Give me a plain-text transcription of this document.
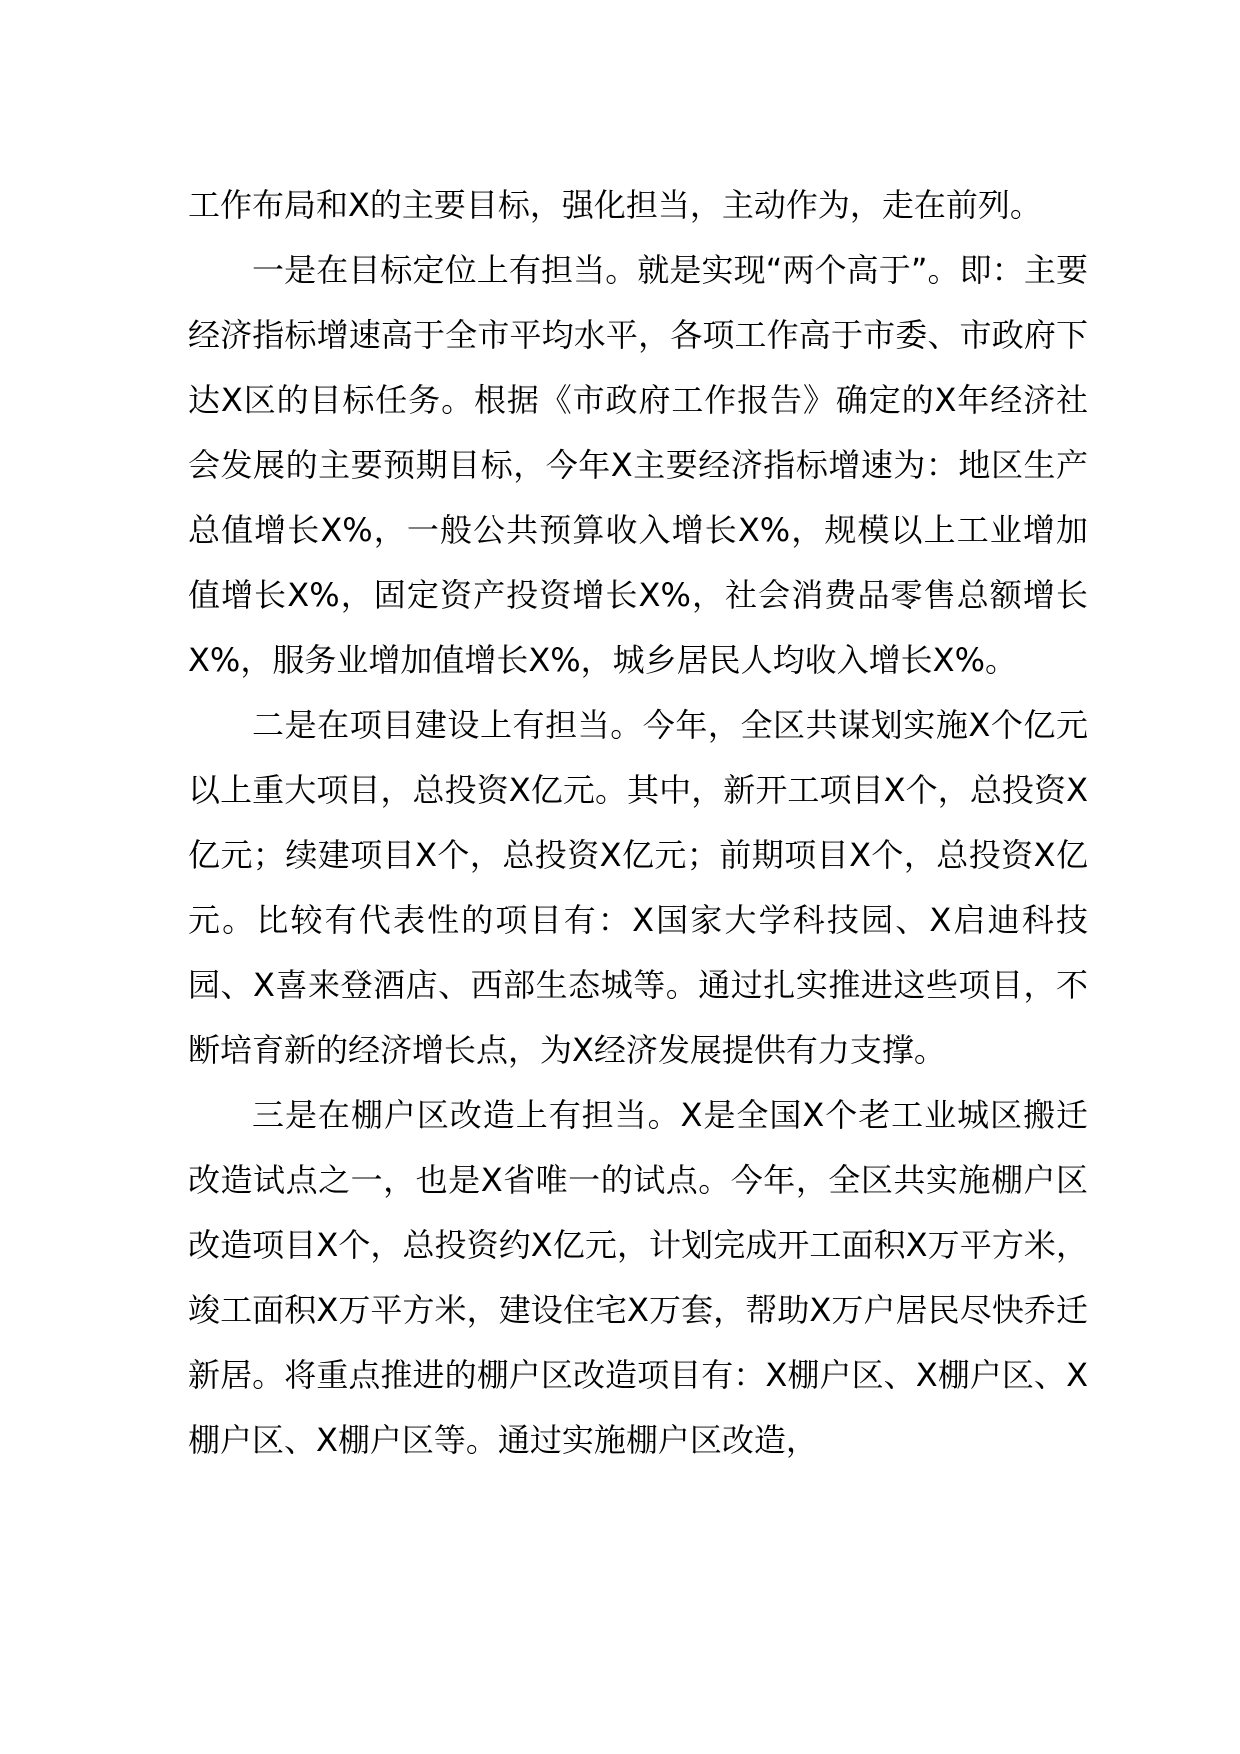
工作布局和X的主要目标，强化担当，主动作为，走在前列。

一是在目标定位上有担当。就是实现“两个高于”。即：主要经济指标增速高于全市平均水平，各项工作高于市委、市政府下达X区的目标任务。根据《市政府工作报告》确定的X年经济社会发展的主要预期目标，今年X主要经济指标增速为：地区生产总值增长X%，一般公共预算收入增长X%，规模以上工业增加值增长X%，固定资产投资增长X%，社会消费品零售总额增长X%，服务业增加值增长X%，城乡居民人均收入增长X%。

二是在项目建设上有担当。今年，全区共谋划实施X个亿元以上重大项目，总投资X亿元。其中，新开工项目X个，总投资X亿元；续建项目X个，总投资X亿元；前期项目X个，总投资X亿元。比较有代表性的项目有：X国家大学科技园、X启迪科技园、X喜来登酒店、西部生态城等。通过扎实推进这些项目，不断培育新的经济增长点，为X经济发展提供有力支撑。

三是在棚户区改造上有担当。X是全国X个老工业城区搬迁改造试点之一，也是X省唯一的试点。今年，全区共实施棚户区改造项目X个，总投资约X亿元，计划完成开工面积X万平方米，竣工面积X万平方米，建设住宅X万套，帮助X万户居民尽快乔迁新居。将重点推进的棚户区改造项目有：X棚户区、X棚户区、X棚户区、X棚户区等。通过实施棚户区改造，
